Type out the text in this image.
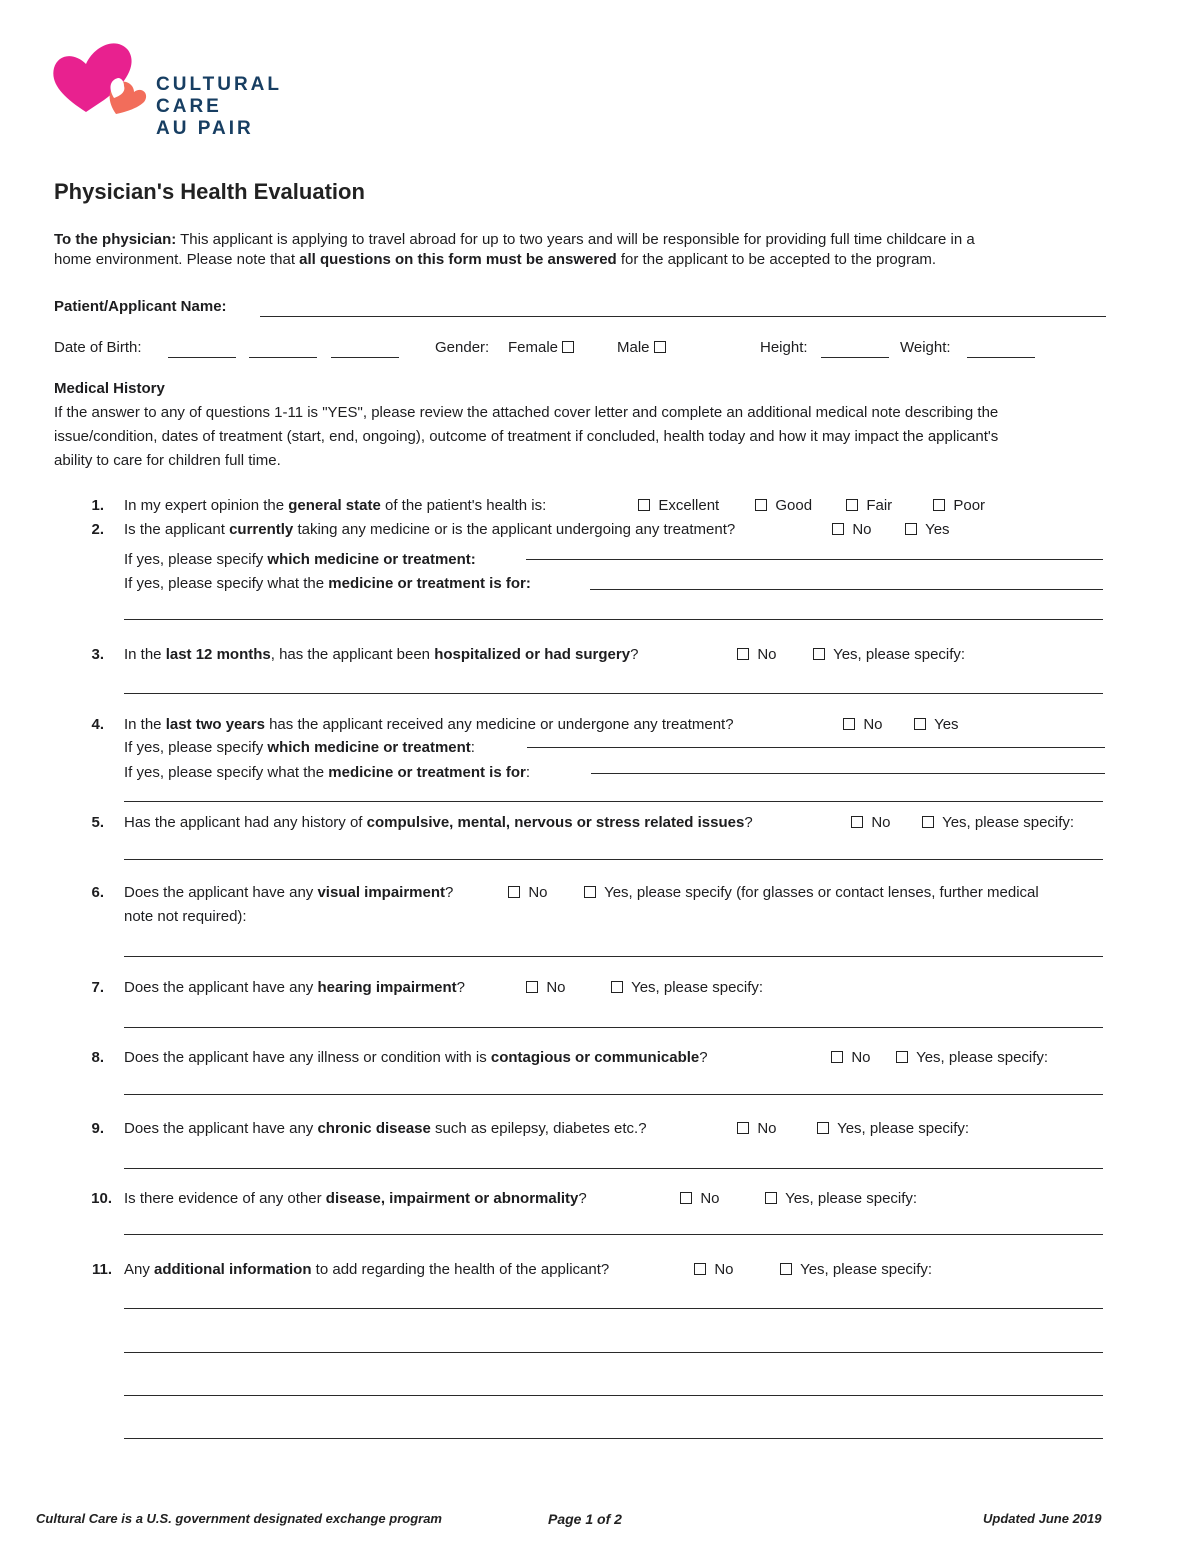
CULTURAL
CARE
AU PAIR
Physician's Health Evaluation
To the physician: This applicant is applying to travel abroad for up to two years and will be responsible for providing full time childcare in a
home environment. Please note that all questions on this form must be answered for the applicant to be accepted to the program.
Patient/Applicant Name:
Date of Birth:	Gender: Female	Male	Height:	Weight:
Medical History
If the answer to any of questions 1-11 is "YES", please review the attached cover letter and complete an additional medical note describing the
issue/condition, dates of treatment (start, end, ongoing), outcome of treatment if concluded, health today and how it may impact the applicant's
ability to care for children full time.
1. In my expert opinion the general state of the patient's health is:	Excellent	Good	Fair	Poor
2. Is the applicant currently taking any medicine or is the applicant undergoing any treatment?	No	Yes
If yes, please specify which medicine or treatment:
If yes, please specify what the medicine or treatment is for:
3. In the last 12 months, has the applicant been hospitalized or had surgery?	No	Yes, please specify:
4. In the last two years has the applicant received any medicine or undergone any treatment?	No	Yes
If yes, please specify which medicine or treatment:
If yes, please specify what the medicine or treatment is for:
5. Has the applicant had any history of compulsive, mental, nervous or stress related issues?	No	Yes, please specify:
6. Does the applicant have any visual impairment?	No	Yes, please specify (for glasses or contact lenses, further medical
note not required):
7. Does the applicant have any hearing impairment?	No	Yes, please specify:
8. Does the applicant have any illness or condition with is contagious or communicable?	No	Yes, please specify:
9. Does the applicant have any chronic disease such as epilepsy, diabetes etc.?	No	Yes, please specify:
10. Is there evidence of any other disease, impairment or abnormality?	No	Yes, please specify:
11. Any additional information to add regarding the health of the applicant?	No	Yes, please specify:
Cultural Care is a U.S. government designated exchange program	Page 1 of 2	Updated June 2019
